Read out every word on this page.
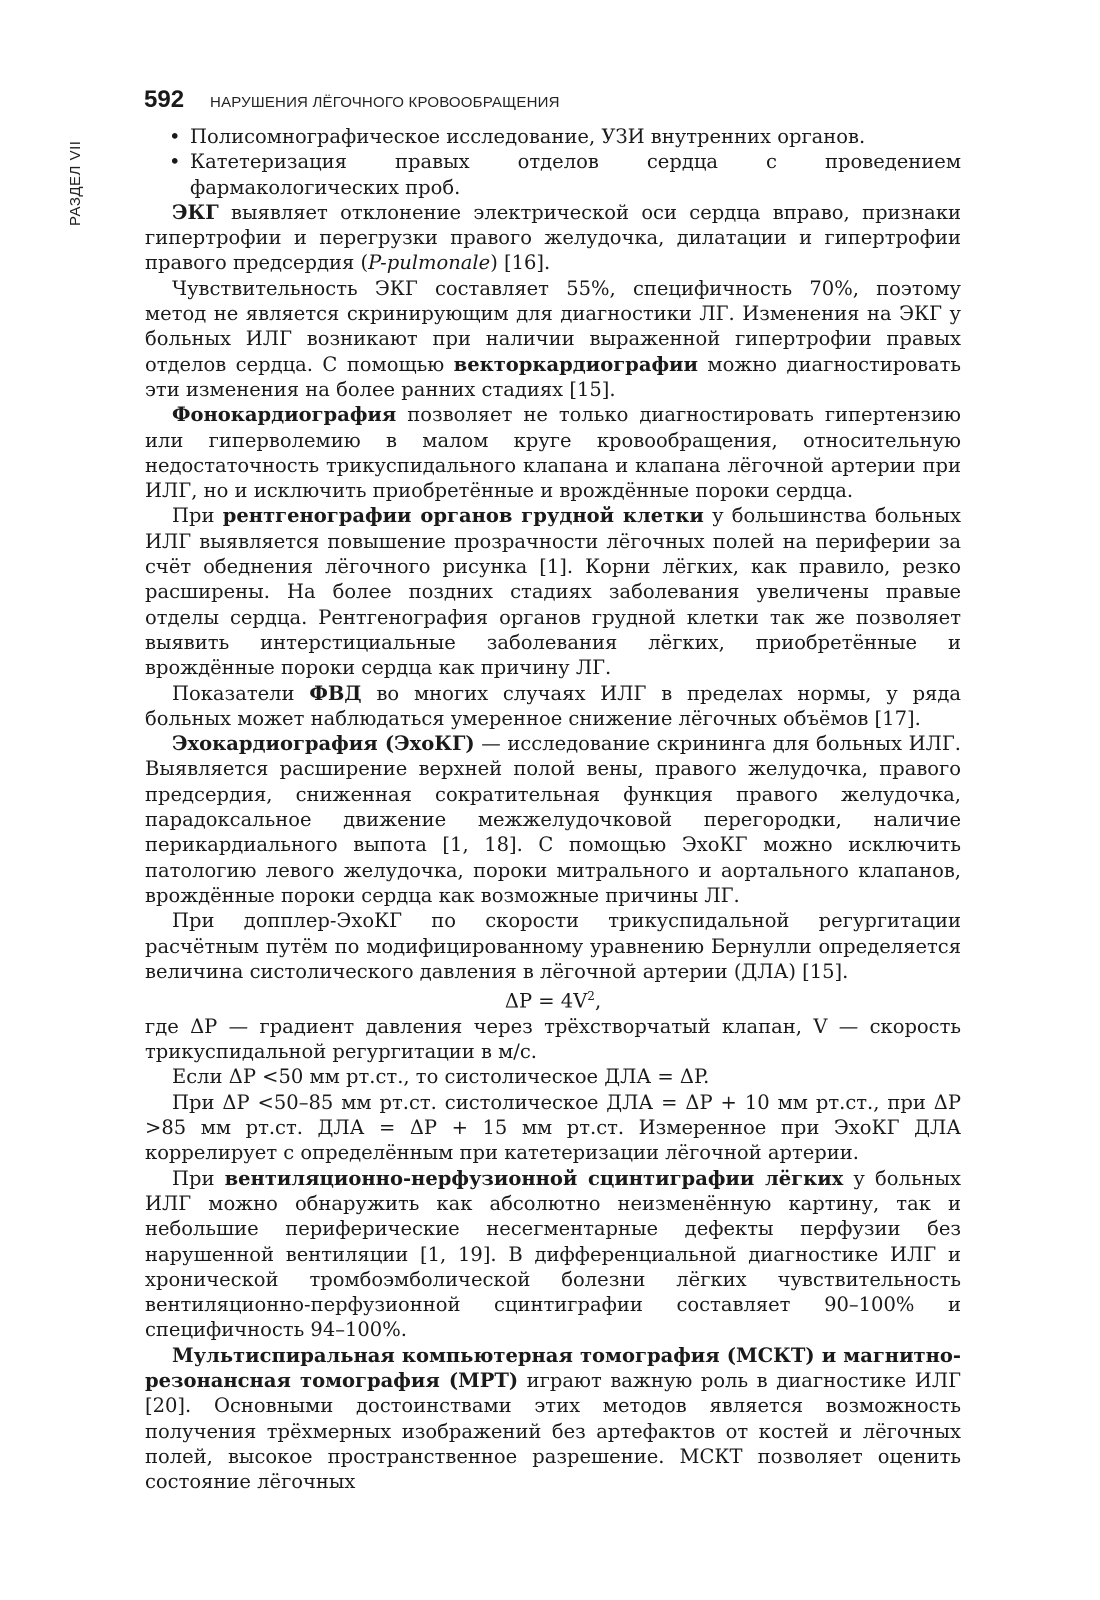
РАЗДЕЛ VII
592 НАРУШЕНИЯ ЛЁГОЧНОГО КРОВООБРАЩЕНИЯ

• Полисомнографическое исследование, УЗИ внутренних органов.

• Катетеризация правых отделов сердца с проведением фармакологических проб.

ЭКГ выявляет отклонение электрической оси сердца вправо, признаки гипертрофии и перегрузки правого желудочка, дилатации и гипертрофии правого предсердия (P-pulmonale) [16].

Чувствительность ЭКГ составляет 55%, специфичность 70%, поэтому метод не является скринирующим для диагностики ЛГ. Изменения на ЭКГ у больных ИЛГ возникают при наличии выраженной гипертрофии правых отделов сердца. С помощью векторкардиографии можно диагностировать эти изменения на более ранних стадиях [15].

Фонокардиография позволяет не только диагностировать гипертензию или гиперволемию в малом круге кровообращения, относительную недостаточность трикуспидального клапана и клапана лёгочной артерии при ИЛГ, но и исключить приобретённые и врождённые пороки сердца.

При рентгенографии органов грудной клетки у большинства больных ИЛГ выявляется повышение прозрачности лёгочных полей на периферии за счёт обеднения лёгочного рисунка [1]. Корни лёгких, как правило, резко расширены. На более поздних стадиях заболевания увеличены правые отделы сердца. Рентгенография органов грудной клетки так же позволяет выявить интерстициальные заболевания лёгких, приобретённые и врождённые пороки сердца как причину ЛГ.

Показатели ФВД во многих случаях ИЛГ в пределах нормы, у ряда больных может наблюдаться умеренное снижение лёгочных объёмов [17].

Эхокардиография (ЭхоКГ) — исследование скрининга для больных ИЛГ. Выявляется расширение верхней полой вены, правого желудочка, правого предсердия, сниженная сократительная функция правого желудочка, парадоксальное движение межжелудочковой перегородки, наличие перикардиального выпота [1, 18]. С помощью ЭхоКГ можно исключить патологию левого желудочка, пороки митрального и аортального клапанов, врождённые пороки сердца как возможные причины ЛГ.

При допплер-ЭхоКГ по скорости трикуспидальной регургитации расчётным путём по модифицированному уравнению Бернулли определяется величина систолического давления в лёгочной артерии (ДЛА) [15].

$\Delta P = 4V^2$,

где ΔP — градиент давления через трёхстворчатый клапан, V — скорость трикуспидальной регургитации в м/с.

Если ΔP <50 мм рт.ст., то систолическое ДЛА = ΔP.

При ΔP <50–85 мм рт.ст. систолическое ДЛА = ΔP + 10 мм рт.ст., при ΔP >85 мм рт.ст. ДЛА = ΔP + 15 мм рт.ст. Измеренное при ЭхоКГ ДЛА коррелирует с определённым при катетеризации лёгочной артерии.

При вентиляционно-нерфузионной сцинтиграфии лёгких у больных ИЛГ можно обнаружить как абсолютно неизменённую картину, так и небольшие периферические несегментарные дефекты перфузии без нарушенной вентиляции [1, 19]. В дифференциальной диагностике ИЛГ и хронической тромбоэмболической болезни лёгких чувствительность вентиляционно-перфузионной сцинтиграфии составляет 90–100% и специфичность 94–100%.

Мультиспиральная компьютерная томография (МСКТ) и магнитно-резонансная томография (МРТ) играют важную роль в диагностике ИЛГ [20]. Основными достоинствами этих методов является возможность получения трёхмерных изображений без артефактов от костей и лёгочных полей, высокое пространственное разрешение. МСКТ позволяет оценить состояние лёгочных
